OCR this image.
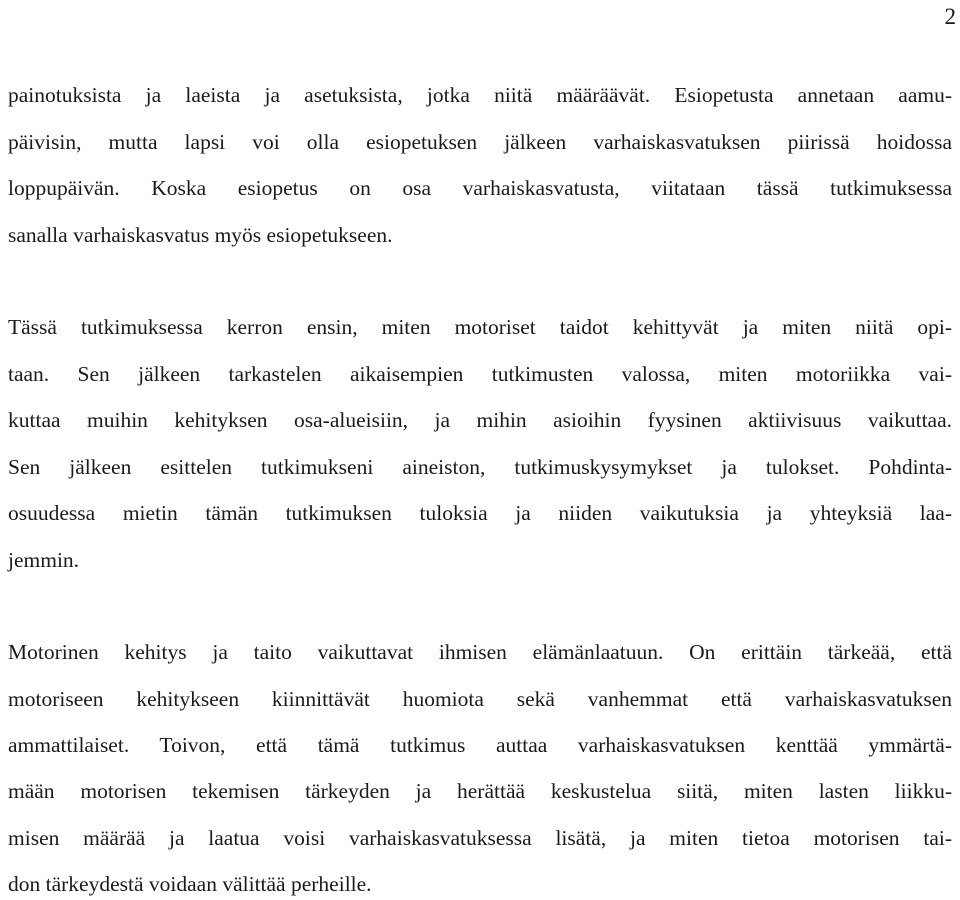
2
painotuksista ja laeista ja asetuksista, jotka niitä määräävät. Esiopetusta annetaan aamu-
päivisin, mutta lapsi voi olla esiopetuksen jälkeen varhaiskasvatuksen piirissä hoidossa
loppupäivän. Koska esiopetus on osa varhaiskasvatusta, viitataan tässä tutkimuksessa
sanalla varhaiskasvatus myös esiopetukseen.
Tässä tutkimuksessa kerron ensin, miten motoriset taidot kehittyvät ja miten niitä opi-
taan. Sen jälkeen tarkastelen aikaisempien tutkimusten valossa, miten motoriikka vai-
kuttaa muihin kehityksen osa-alueisiin, ja mihin asioihin fyysinen aktiivisuus vaikuttaa.
Sen jälkeen esittelen tutkimukseni aineiston, tutkimuskysymykset ja tulokset. Pohdinta-
osuudessa mietin tämän tutkimuksen tuloksia ja niiden vaikutuksia ja yhteyksiä laa-
jemmin.
Motorinen kehitys ja taito vaikuttavat ihmisen elämänlaatuun. On erittäin tärkeää, että
motoriseen kehitykseen kiinnittävät huomiota sekä vanhemmat että varhaiskasvatuksen
ammattilaiset. Toivon, että tämä tutkimus auttaa varhaiskasvatuksen kenttää ymmärtä-
mään motorisen tekemisen tärkeyden ja herättää keskustelua siitä, miten lasten liikku-
misen määrää ja laatua voisi varhaiskasvatuksessa lisätä, ja miten tietoa motorisen tai-
don tärkeydestä voidaan välittää perheille.
